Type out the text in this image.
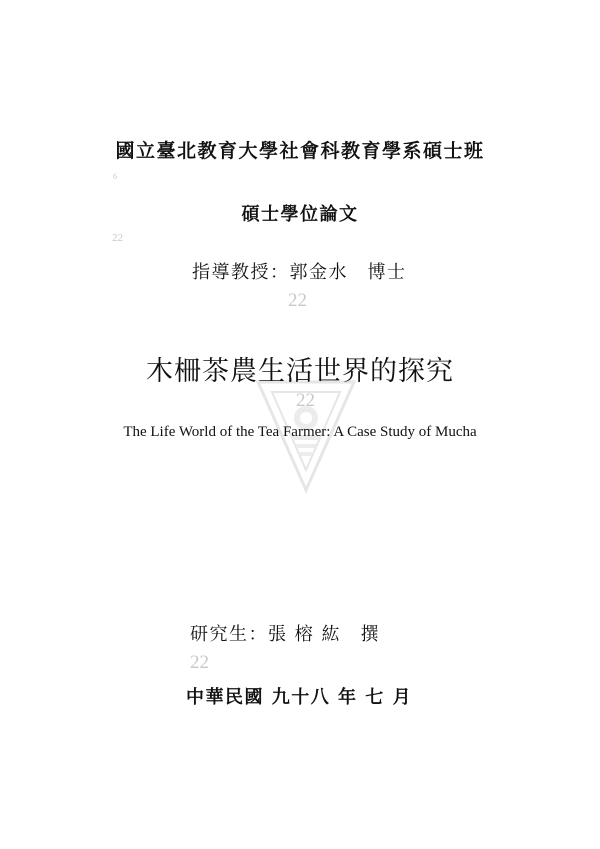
國立臺北教育大學社會科教育學系碩士班
6
碩士學位論文
22
指導教授：郭金水　博士
22
木柵茶農生活世界的探究
22
The Life World of the Tea Farmer: A Case Study of Mucha
研究生：張 榕 紘　撰
22
中華民國 九十八 年 七 月
